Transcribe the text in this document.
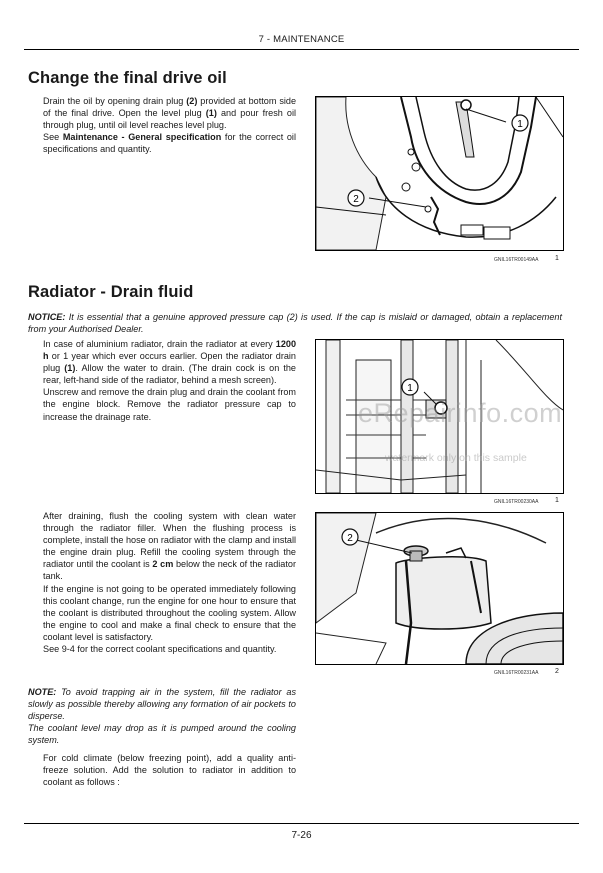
7 - MAINTENANCE
Change the final drive oil
Drain the oil by opening drain plug (2) provided at bottom side of the final drive. Open the level plug (1) and pour fresh oil through plug, until oil level reaches level plug.
See Maintenance - General specification for the correct oil specifications and quantity.
1
2
GNIL16TR00149AA 1
Radiator - Drain fluid
NOTICE: It is essential that a genuine approved pressure cap (2) is used. If the cap is mislaid or damaged, obtain a replacement from your Authorised Dealer.
In case of aluminium radiator, drain the radiator at every 1200 h or 1 year which ever occurs earlier. Open the radiator drain plug (1). Allow the water to drain. (The drain cock is on the rear, left-hand side of the radiator, behind a mesh screen).
Unscrew and remove the drain plug and drain the coolant from the engine block. Remove the radiator pressure cap to increase the drainage rate.
1
GNIL16TR00230AA 1
After draining, flush the cooling system with clean water through the radiator filler. When the flushing process is complete, install the hose on radiator with the clamp and install the engine drain plug. Refill the cooling system through the radiator until the coolant is 2 cm below the neck of the radiator tank.
If the engine is not going to be operated immediately following this coolant change, run the engine for one hour to ensure that the coolant is distributed throughout the cooling system. Allow the engine to cool and make a final check to ensure that the coolant level is satisfactory.
See 9-4 for the correct coolant specifications and quantity.
2
GNIL16TR00231AA 2
NOTE: To avoid trapping air in the system, fill the radiator as slowly as possible thereby allowing any formation of air pockets to disperse.
The coolant level may drop as it is pumped around the cooling system.
For cold climate (below freezing point), add a quality anti-freeze solution. Add the solution to radiator in addition to coolant as follows :
eRepairinfo.com
watermark only on this sample
7-26
